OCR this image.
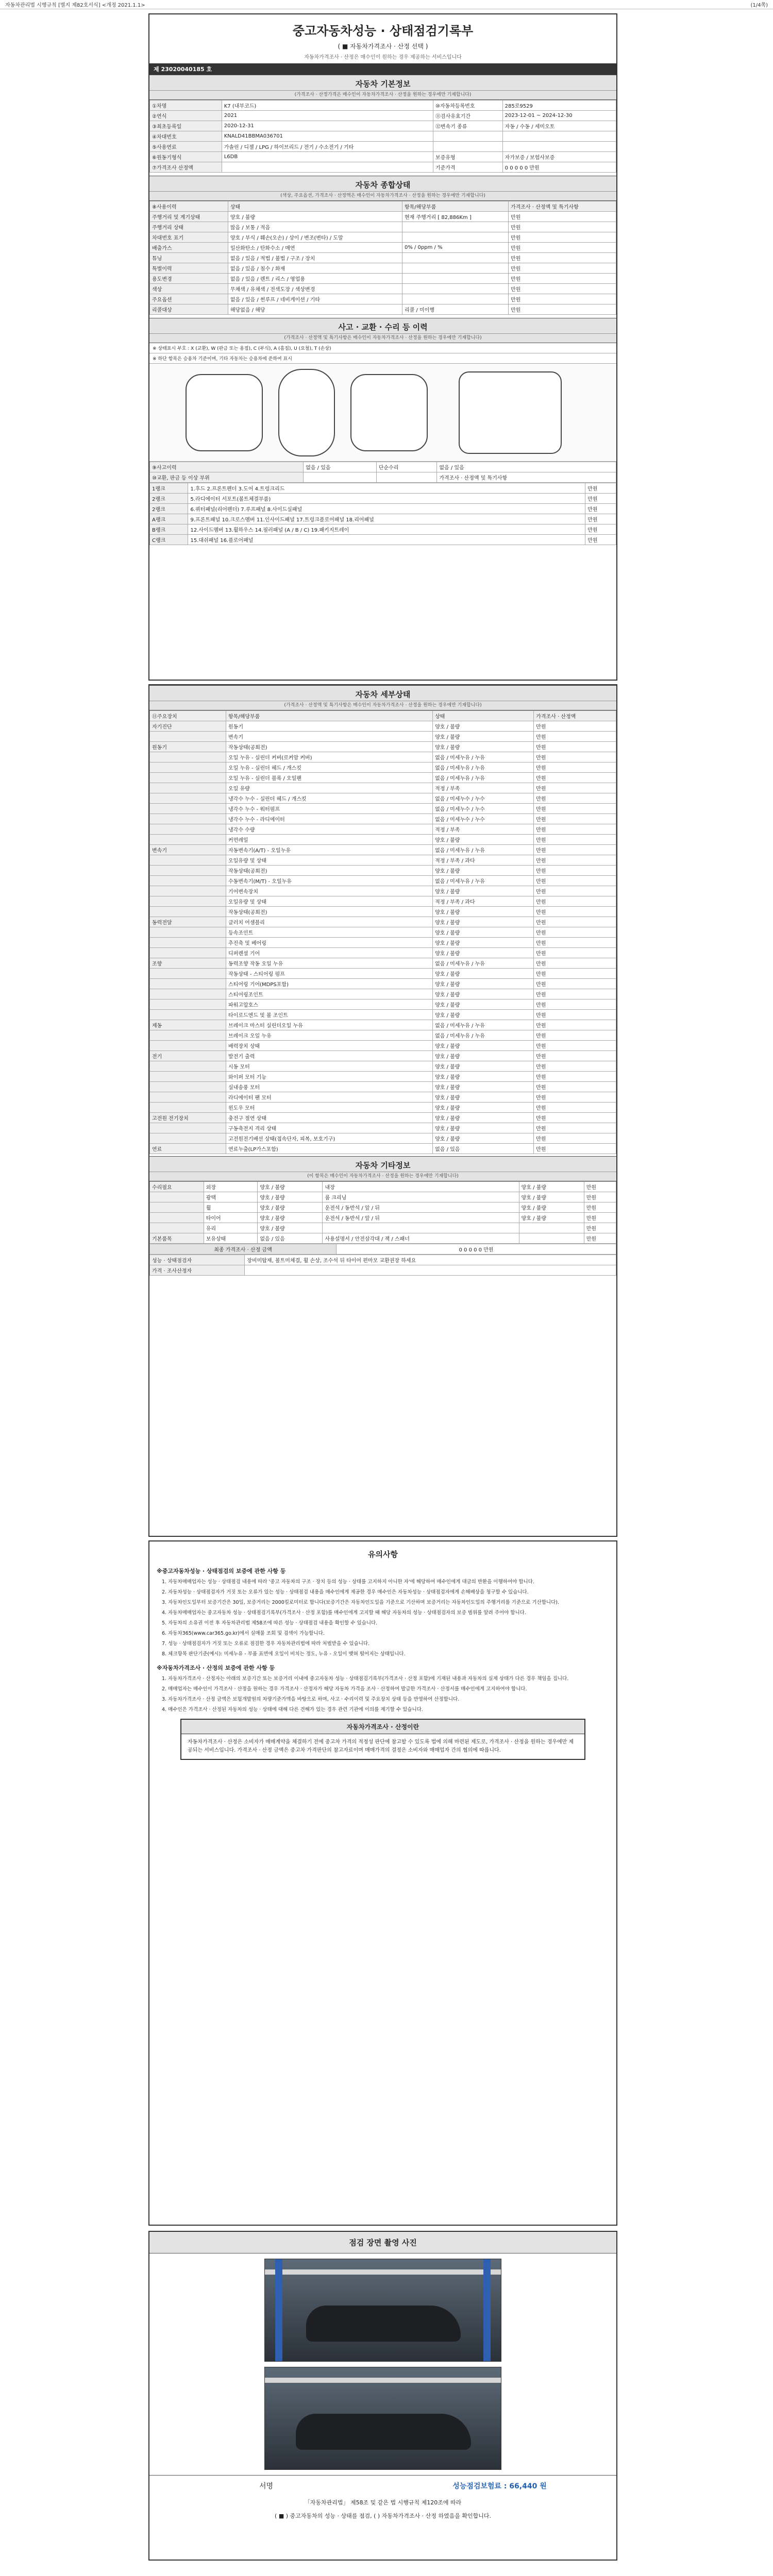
자동차관리법 시행규칙 [별지 제82호서식] <개정 2021.1.1>	(1/4쪽)
중고자동차성능 · 상태점검기록부
( ■ 자동차가격조사 · 산정 선택 )
자동차가격조사 · 산정은 매수인이 원하는 경우 제공하는 서비스입니다
제 23020040185 호
자동차 기본정보
(가격조사 · 산정가격은 매수인이 자동차가격조사 · 산정을 원하는 경우에만 기재합니다)
①차명	K7 (내부코드)	⑩자동차등록번호	285로9529
②연식	2021	⑪검사유효기간	2023-12-01 ~ 2024-12-30
③최초등록일	2020-12-31	⑫변속기 종류	자동 / 수동 / 세미오토
④차대번호	KNALD41BBMA036701		
⑤사용연료	가솔린 / 디젤 / LPG / 하이브리드 / 전기 / 수소전기 / 기타		
⑥원동기형식	L6DB	보증유형	자가보증 / 보험사보증
⑦가격조사 산정액		기준가격	0 0 0 0 0 만원
자동차 종합상태
(색상, 주요옵션, 가격조사 · 산정액은 매수인이 자동차가격조사 · 산정을 원하는 경우에만 기재합니다)
⑧사용이력	상태	항목/해당부품	가격조사 · 산정액 및 특기사항
주행거리 및 계기상태	양호 / 불량	현재 주행거리 [ 82,886Km ]	만원
주행거리 상태	많음 / 보통 / 적음		만원
차대번호 표기	양호 / 부식 / 훼손(오손) / 상이 / 변조(변타) / 도말		만원
배출가스	일산화탄소 / 탄화수소 / 매연	0% / 0ppm / %	만원
튜닝	없음 / 있음 / 적법 / 불법 / 구조 / 장치		만원
특별이력	없음 / 있음 / 침수 / 화재		만원
용도변경	없음 / 있음 / 렌트 / 리스 / 영업용		만원
색상	무채색 / 유채색 / 전색도장 / 색상변경		만원
주요옵션	없음 / 있음 / 썬루프 / 네비게이션 / 기타		만원
리콜대상	해당없음 / 해당	리콜 / 미이행	만원
사고 · 교환 · 수리 등 이력
(가격조사 · 산정액 및 특기사항은 매수인이 자동차가격조사 · 산정을 원하는 경우에만 기재합니다)
※ 상태표시 부호 : X (교환), W (판금 또는 용접), C (부식), A (흠집), U (요철), T (손상)
※ 하단 항목은 승용차 기준이며, 기타 자동차는 승용차에 준하여 표시
⑨사고이력	없음 / 있음	단순수리	없음 / 있음
⑩교환, 판금 등 이상 부위			가격조사 · 산정액 및 특기사항
1랭크	1.후드 2.프론트펜더 3.도어 4.트렁크리드	만원
2랭크	5.라디에이터 서포트(볼트체결부품)	만원
2랭크	6.쿼터패널(리어펜더) 7.루프패널 8.사이드실패널	만원
A랭크	9.프론트패널 10.크로스멤버 11.인사이드패널 17.트렁크플로어패널 18.리어패널	만원
B랭크	12.사이드멤버 13.휠하우스 14.필러패널 (A / B / C) 19.패키지트레이	만원
C랭크	15.대쉬패널 16.플로어패널	만원
자동차 세부상태
(가격조사 · 산정액 및 특기사항은 매수인이 자동차가격조사 · 산정을 원하는 경우에만 기재합니다)
⑪주요장치	항목/해당부품	상태	가격조사 · 산정액
자기진단	원동기	양호 / 불량	만원
	변속기	양호 / 불량	만원
원동기	작동상태(공회전)	양호 / 불량	만원
	오일 누유 - 실린더 커버(로커암 커버)	없음 / 미세누유 / 누유	만원
	오일 누유 - 실린더 헤드 / 개스킷	없음 / 미세누유 / 누유	만원
	오일 누유 - 실린더 블록 / 오일팬	없음 / 미세누유 / 누유	만원
	오일 유량	적정 / 부족	만원
	냉각수 누수 - 실린더 헤드 / 개스킷	없음 / 미세누수 / 누수	만원
	냉각수 누수 - 워터펌프	없음 / 미세누수 / 누수	만원
	냉각수 누수 - 라디에이터	없음 / 미세누수 / 누수	만원
	냉각수 수량	적정 / 부족	만원
	커먼레일	양호 / 불량	만원
변속기	자동변속기(A/T) - 오일누유	없음 / 미세누유 / 누유	만원
	오일유량 및 상태	적정 / 부족 / 과다	만원
	작동상태(공회전)	양호 / 불량	만원
	수동변속기(M/T) - 오일누유	없음 / 미세누유 / 누유	만원
	기어변속장치	양호 / 불량	만원
	오일유량 및 상태	적정 / 부족 / 과다	만원
	작동상태(공회전)	양호 / 불량	만원
동력전달	클러치 어셈블리	양호 / 불량	만원
	등속조인트	양호 / 불량	만원
	추진축 및 베어링	양호 / 불량	만원
	디퍼렌셜 기어	양호 / 불량	만원
조향	동력조향 작동 오일 누유	없음 / 미세누유 / 누유	만원
	작동상태 - 스티어링 펌프	양호 / 불량	만원
	스티어링 기어(MDPS포함)	양호 / 불량	만원
	스티어링조인트	양호 / 불량	만원
	파워고압호스	양호 / 불량	만원
	타이로드엔드 및 볼 조인트	양호 / 불량	만원
제동	브레이크 마스터 실린더오일 누유	없음 / 미세누유 / 누유	만원
	브레이크 오일 누유	없음 / 미세누유 / 누유	만원
	배력장치 상태	양호 / 불량	만원
전기	발전기 출력	양호 / 불량	만원
	시동 모터	양호 / 불량	만원
	와이퍼 모터 기능	양호 / 불량	만원
	실내송풍 모터	양호 / 불량	만원
	라디에이터 팬 모터	양호 / 불량	만원
	윈도우 모터	양호 / 불량	만원
고전원 전기장치	충전구 절연 상태	양호 / 불량	만원
	구동축전지 격리 상태	양호 / 불량	만원
	고전원전기배선 상태(접속단자, 피복, 보호기구)	양호 / 불량	만원
연료	연료누출(LP가스포함)	없음 / 있음	만원
자동차 기타정보
(이 항목은 매수인이 자동차가격조사 · 산정을 원하는 경우에만 기재합니다)
수리필요	외장	양호 / 불량	내장	양호 / 불량	만원
	광택	양호 / 불량	룸 크리닝	양호 / 불량	만원
	휠	양호 / 불량	운전석 / 동반석 / 앞 / 뒤	양호 / 불량	만원
	타이어	양호 / 불량	운전석 / 동반석 / 앞 / 뒤	양호 / 불량	만원
	유리	양호 / 불량			만원
기본품목	보유상태	없음 / 있음	사용설명서 / 안전삼각대 / 잭 / 스패너		만원
최종 가격조사 · 산정 금액	0 0 0 0 0 만원
성능 · 상태점검자	장비미탑재, 볼트미체결, 휠 손상, 조수석 뒤 타이어 편마모 교환권장 하세요
가격 · 조사산정자	
유의사항
※중고자동차성능 · 상태점검의 보증에 관한 사항 등
1. 자동차매매업자는 성능 · 상태점검 내용에 따라 '중고 자동차의 구조 · 장치 등의 성능 · 상태를 고지하지 아니한 자'에 해당하여 매수인에게 대금의 반환을 이행하여야 합니다.
2. 자동차성능 · 상태점검자가 거짓 또는 오류가 있는 성능 · 상태점검 내용을 매수인에게 제공한 경우 매수인은 자동차성능 · 상태점검자에게 손해배상을 청구할 수 있습니다.
3. 자동차인도일부터 보증기간은 30일, 보증거리는 2000킬로미터로 합니다(보증기간은 자동차인도일을 기준으로 기산하며 보증거리는 자동차인도일의 주행거리를 기준으로 기산합니다).
4. 자동차매매업자는 중고자동차 성능 · 상태점검기록부(가격조사 · 산정 포함)를 매수인에게 고지할 때 해당 자동차의 성능 · 상태점검자의 보증 범위를 알려 주어야 합니다.
5. 자동차의 소유권 이전 후 자동차관리법 제58조에 따른 성능 · 상태점검 내용을 확인할 수 있습니다.
6. 자동차365(www.car365.go.kr)에서 실매물 조회 및 검색이 가능합니다.
7. 성능 · 상태점검자가 거짓 또는 오류로 점검한 경우 자동차관리법에 따라 처벌받을 수 있습니다.
8. 체크항목 판단기준(예시): 미세누유 - 부품 표면에 오일이 비치는 정도, 누유 - 오일이 맺혀 떨어지는 상태입니다.
※자동차가격조사 · 산정의 보증에 관한 사항 등
1. 자동차가격조사 · 산정자는 아래의 보증기간 또는 보증거리 이내에 중고자동차 성능 · 상태점검기록부(가격조사 · 산정 포함)에 기재된 내용과 자동차의 실제 상태가 다른 경우 책임을 집니다.
2. 매매업자는 매수인이 가격조사 · 산정을 원하는 경우 가격조사 · 산정자가 해당 자동차 가격을 조사 · 산정하여 발급한 가격조사 · 산정서를 매수인에게 고지하여야 합니다.
3. 자동차가격조사 · 산정 금액은 보험개발원의 차량기준가액을 바탕으로 하며, 사고 · 수리이력 및 주요장치 상태 등을 반영하여 산정합니다.
4. 매수인은 가격조사 · 산정된 자동차의 성능 · 상태에 대해 다른 견해가 있는 경우 관련 기관에 이의를 제기할 수 있습니다.
자동차가격조사 · 산정이란
자동차가격조사 · 산정은 소비자가 매매계약을 체결하기 전에 중고차 가격의 적정성 판단에 참고할 수 있도록 법에 의해 마련된 제도로, 가격조사 · 산정을 원하는 경우에만 제공되는 서비스입니다. 가격조사 · 산정 금액은 중고차 가격판단의 참고자료이며 매매가격의 결정은 소비자와 매매업자 간의 협의에 따릅니다.
점검 장면 촬영 사진
서명	성능점검보험료 : 66,440 원
「자동차관리법」 제58조 및 같은 법 시행규칙 제120조에 따라
( ■ ) 중고자동차의 성능 · 상태를 점검, ( ) 자동차가격조사 · 산정 하였음을 확인합니다.
